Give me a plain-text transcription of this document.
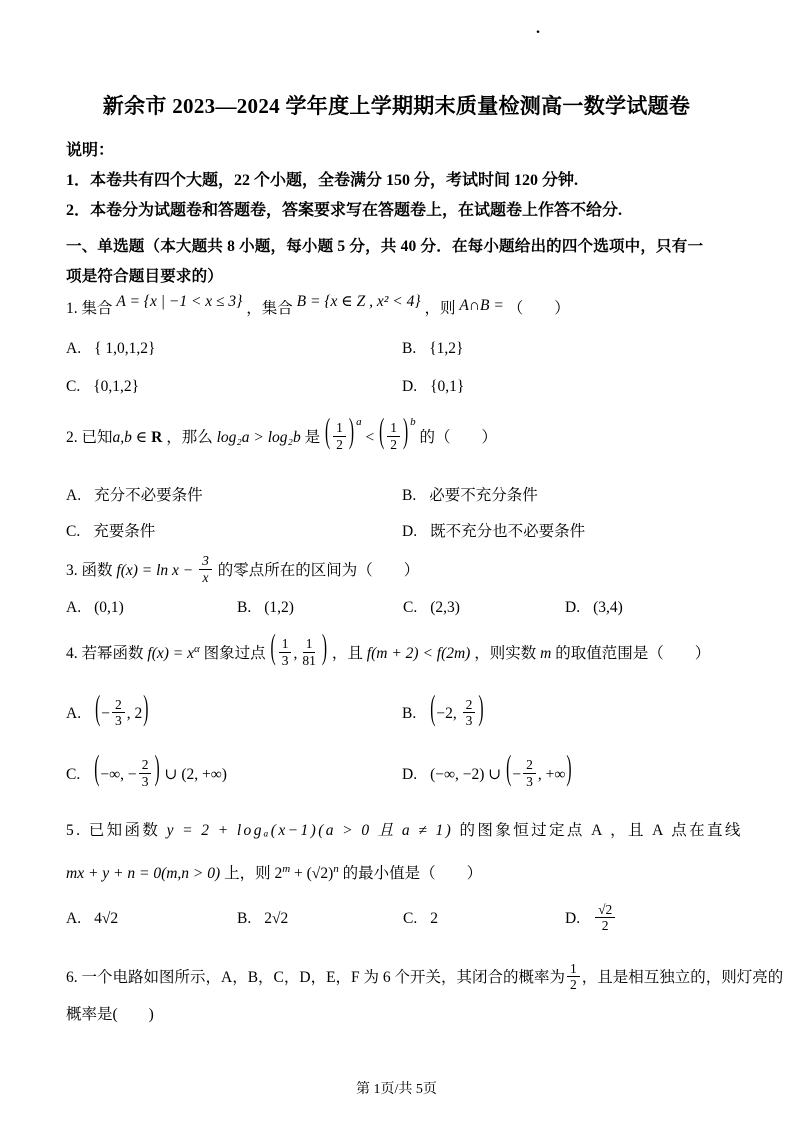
.
新余市 2023—2024 学年度上学期期末质量检测高一数学试题卷
说明：
1．本卷共有四个大题，22 个小题，全卷满分 150 分，考试时间 120 分钟.
2．本卷分为试题卷和答题卷，答案要求写在答题卷上，在试题卷上作答不给分.
一、单选题（本大题共 8 小题，每小题 5 分，共 40 分．在每小题给出的四个选项中，只有一
项是符合题目要求的）
1. 集合 A = {x | −1 < x ≤ 3} ，集合 B = {x ∈ Z , x² < 4} ，则 A∩B = （　　）
A. { 1,0,1,2}	B. {1,2}
C. {0,1,2}	D. {0,1}
2. 已知a,b ∈ R ，那么 log₂a > log₂b 是 ( $\frac{1}{2}$ ) $^a$ < ( $\frac{1}{2}$ ) $^b$ 的（　　）
A. 充分不必要条件	B. 必要不充分条件
C. 充要条件	D. 既不充分也不必要条件
3. 函数 $f(x) = \ln x - \frac{3}{x}$ 的零点所在的区间为（　　）
A. (0,1)	B. (1,2)	C. (2,3)	D. (3,4)
4. 若幂函数 $f(x) = x^\alpha$ 图象过点 ( $\frac{1}{3}$ , $\frac{1}{81}$ ) ，且 f(m + 2) < f(2m) ，则实数 m 的取值范围是（　　）
A. (− $\frac{2}{3}$ , 2)	B. (−2, $\frac{2}{3}$ )
C. (−∞, − $\frac{2}{3}$ ) ∪ (2, +∞)	D. (−∞, −2) ∪ (− $\frac{2}{3}$ , +∞)
5. 已知函数 y = 2 + logₐ(x−1)(a > 0 且 a ≠ 1) 的图象恒过定点 A ，且 A 点在直线
mx + y + n = 0(m,n > 0) 上，则 $2^m + (√2)^n$ 的最小值是（　　）
A. 4√2	B. 2√2	C. 2	D. $\frac{√2}{2}$
6. 一个电路如图所示，A，B，C，D，E，F 为 6 个开关，其闭合的概率为 $\frac{1}{2}$ ，且是相互独立的，则灯亮的
概率是(　　)
第 1页/共 5页
